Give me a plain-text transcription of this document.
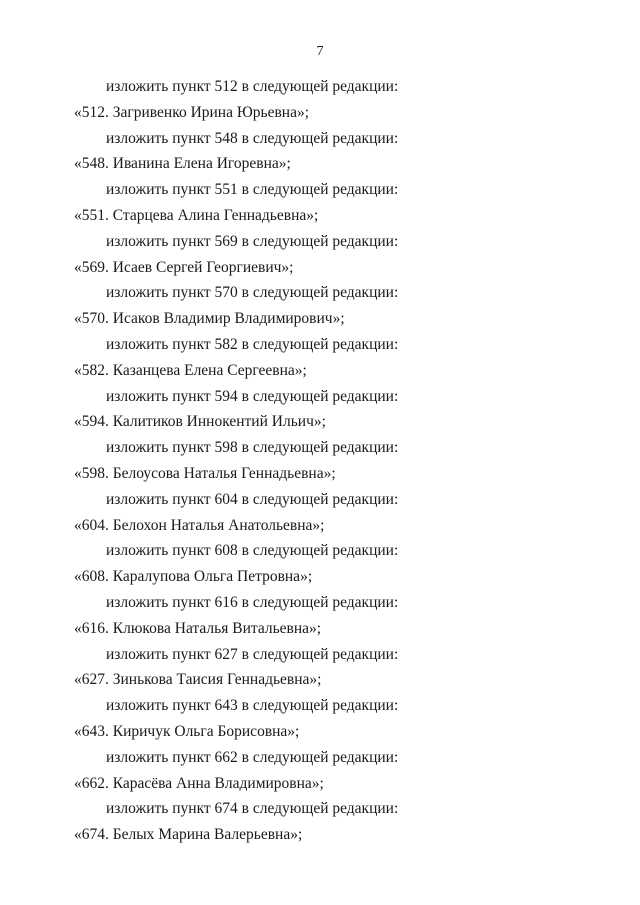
7
изложить пункт 512 в следующей редакции:
«512. Загривенко Ирина Юрьевна»;
изложить пункт 548 в следующей редакции:
«548. Иванина Елена Игоревна»;
изложить пункт 551 в следующей редакции:
«551. Старцева Алина Геннадьевна»;
изложить пункт 569 в следующей редакции:
«569. Исаев Сергей Георгиевич»;
изложить пункт 570 в следующей редакции:
«570. Исаков Владимир Владимирович»;
изложить пункт 582 в следующей редакции:
«582. Казанцева Елена Сергеевна»;
изложить пункт 594 в следующей редакции:
«594. Калитиков Иннокентий Ильич»;
изложить пункт 598 в следующей редакции:
«598. Белоусова Наталья Геннадьевна»;
изложить пункт 604 в следующей редакции:
«604. Белохон Наталья Анатольевна»;
изложить пункт 608 в следующей редакции:
«608. Каралупова Ольга Петровна»;
изложить пункт 616 в следующей редакции:
«616. Клюкова Наталья Витальевна»;
изложить пункт 627 в следующей редакции:
«627. Зинькова Таисия Геннадьевна»;
изложить пункт 643 в следующей редакции:
«643. Киричук Ольга Борисовна»;
изложить пункт 662 в следующей редакции:
«662. Карасёва Анна Владимировна»;
изложить пункт 674 в следующей редакции:
«674. Белых Марина Валерьевна»;
